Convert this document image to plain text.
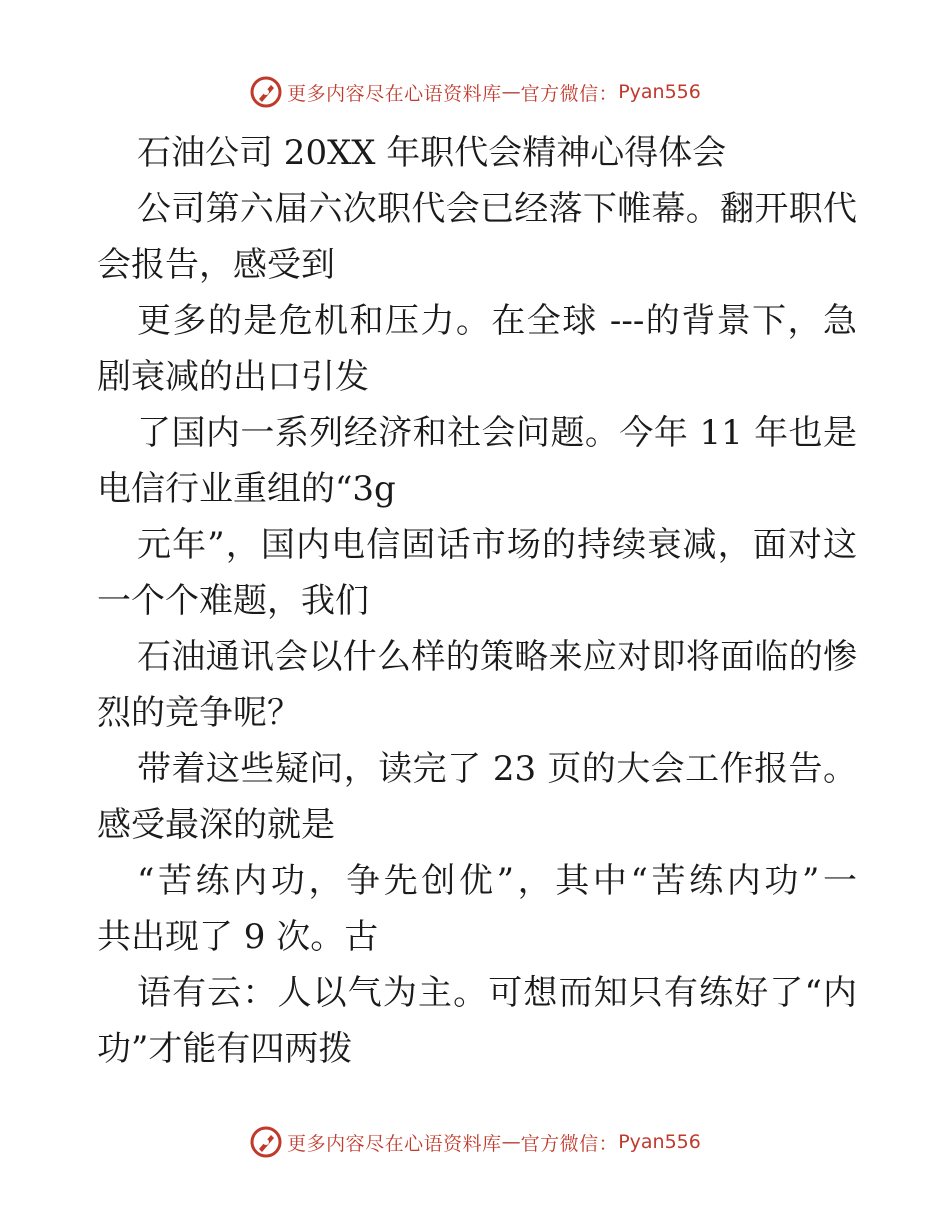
更多内容尽在心语资料库 — 官方微信： Pyan556
石油公司 20XX 年职代会精神心得体会
公司第六届六次职代会已经落下帷幕。翻开职代
会报告，感受到
更多的是危机和压力。在全球 ---的背景下，急
剧衰减的出口引发
了国内一系列经济和社会问题。今年 11 年也是
电信行业重组的“3g
元年”，国内电信固话市场的持续衰减，面对这
一个个难题，我们
石油通讯会以什么样的策略来应对即将面临的惨
烈的竞争呢？
带着这些疑问，读完了 23 页的大会工作报告。
感受最深的就是
“苦练内功，争先创优”，其中“苦练内功”一
共出现了 9 次。古
语有云：人以气为主。可想而知只有练好了“内
功”才能有四两拨
更多内容尽在心语资料库 — 官方微信： Pyan556
